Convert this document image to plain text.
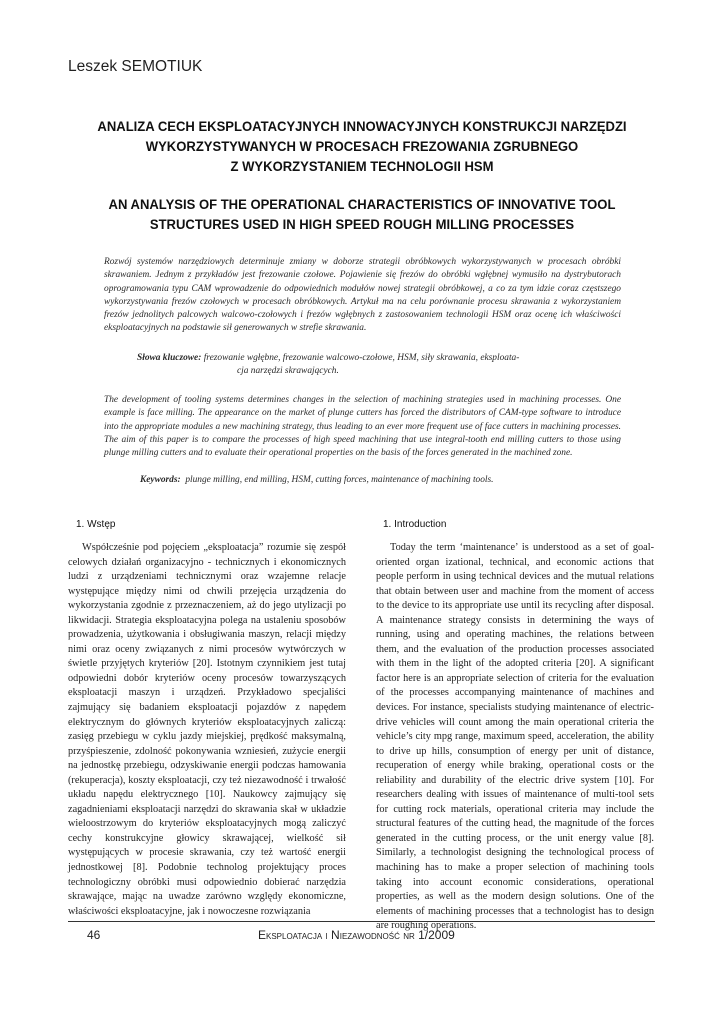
Leszek SEMOTIUK
ANALIZA CECH EKSPLOATACYJNYCH INNOWACYJNYCH KONSTRUKCJI NARZĘDZI
WYKORZYSTYWANYCH W PROCESACH FREZOWANIA ZGRUBNEGO
Z WYKORZYSTANIEM TECHNOLOGII HSM
AN ANALYSIS OF THE OPERATIONAL CHARACTERISTICS OF INNOVATIVE TOOL
STRUCTURES USED IN HIGH SPEED ROUGH MILLING PROCESSES
Rozwój systemów narzędziowych determinuje zmiany w doborze strategii obróbkowych wykorzystywanych w procesach obróbki skrawaniem. Jednym z przykładów jest frezowanie czołowe. Pojawienie się frezów do obróbki wgłębnej wymusiło na dystrybutorach oprogramowania typu CAM wprowadzenie do odpowiednich modułów nowej strategii obróbkowej, a co za tym idzie coraz częstszego wykorzystywania frezów czołowych w procesach obróbkowych. Artykuł ma na celu porównanie procesu skrawania z wykorzystaniem frezów jednolitych palcowych walcowo-czołowych i frezów wgłębnych z zastosowaniem technologii HSM oraz ocenę ich właściwości eksploatacyjnych na podstawie sił generowanych w strefie skrawania.
Słowa kluczowe: frezowanie wgłębne, frezowanie walcowo-czołowe, HSM, siły skrawania, eksploata-
cja narzędzi skrawających.
The development of tooling systems determines changes in the selection of machining strategies used in machining processes. One example is face milling. The appearance on the market of plunge cutters has forced the distributors of CAM-type software to introduce into the appropriate modules a new machining strategy, thus leading to an ever more frequent use of face cutters in machining processes. The aim of this paper is to compare the processes of high speed machining that use integral-tooth end milling cutters to those using plunge milling cutters and to evaluate their operational properties on the basis of the forces generated in the machined zone.
Keywords: plunge milling, end milling, HSM, cutting forces, maintenance of machining tools.
1. Wstęp	1. Introduction

Współcześnie pod pojęciem „eksploatacja” rozumie się zespół celowych działań organizacyjno - technicznych i ekonomicznych ludzi z urządzeniami technicznymi oraz wzajemne relacje występujące między nimi od chwili przejęcia urządzenia do wykorzystania zgodnie z przeznaczeniem, aż do jego utylizacji po likwidacji. Strategia eksploatacyjna polega na ustaleniu sposobów prowadzenia, użytkowania i obsługiwania maszyn, relacji między nimi oraz oceny związanych z nimi procesów wytwórczych w świetle przyjętych kryteriów [20]. Istotnym czynnikiem jest tutaj odpowiedni dobór kryteriów oceny procesów towarzyszących eksploatacji maszyn i urządzeń. Przykładowo specjaliści zajmujący się badaniem eksploatacji pojazdów z napędem elektrycznym do głównych kryteriów eksploatacyjnych zaliczą: zasięg przebiegu w cyklu jazdy miejskiej, prędkość maksymalną, przyśpieszenie, zdolność pokonywania wzniesień, zużycie energii na jednostkę przebiegu, odzyskiwanie energii podczas hamowania (rekuperacja), koszty eksploatacji, czy też niezawodność i trwałość układu napędu elektrycznego [10]. Naukowcy zajmujący się zagadnieniami eksploatacji narzędzi do skrawania skał w układzie wieloostrzowym do kryteriów eksploatacyjnych mogą zaliczyć cechy konstrukcyjne głowicy skrawającej, wielkość sił występujących w procesie skrawania, czy też wartość energii jednostkowej [8]. Podobnie technolog projektujący proces technologiczny obróbki musi odpowiednio dobierać narzędzia skrawające, mając na uwadze zarówno względy ekonomiczne, właściwości eksploatacyjne, jak i nowoczesne rozwiązania

Today the term ‘maintenance’ is understood as a set of goal-oriented organ izational, technical, and economic actions that people perform in using technical devices and the mutual relations that obtain between user and machine from the moment of access to the device to its appropriate use until its recycling after disposal. A maintenance strategy consists in determining the ways of running, using and operating machines, the relations between them, and the evaluation of the production processes associated with them in the light of the adopted criteria [20]. A significant factor here is an appropriate selection of criteria for the evaluation of the processes accompanying maintenance of machines and devices. For instance, specialists studying maintenance of electric-drive vehicles will count among the main operational criteria the vehicle’s city mpg range, maximum speed, acceleration, the ability to drive up hills, consumption of energy per unit of distance, recuperation of energy while braking, operational costs or the reliability and durability of the electric drive system [10]. For researchers dealing with issues of maintenance of multi-tool sets for cutting rock materials, operational criteria may include the structural features of the cutting head, the magnitude of the forces generated in the cutting process, or the unit energy value [8]. Similarly, a technologist designing the technological process of machining has to make a proper selection of machining tools taking into account economic considerations, operational properties, as well as the modern design solutions. One of the elements of machining processes that a technologist has to design are roughing operations.

46	Eksploatacja i Niezawodność nr 1/2009
